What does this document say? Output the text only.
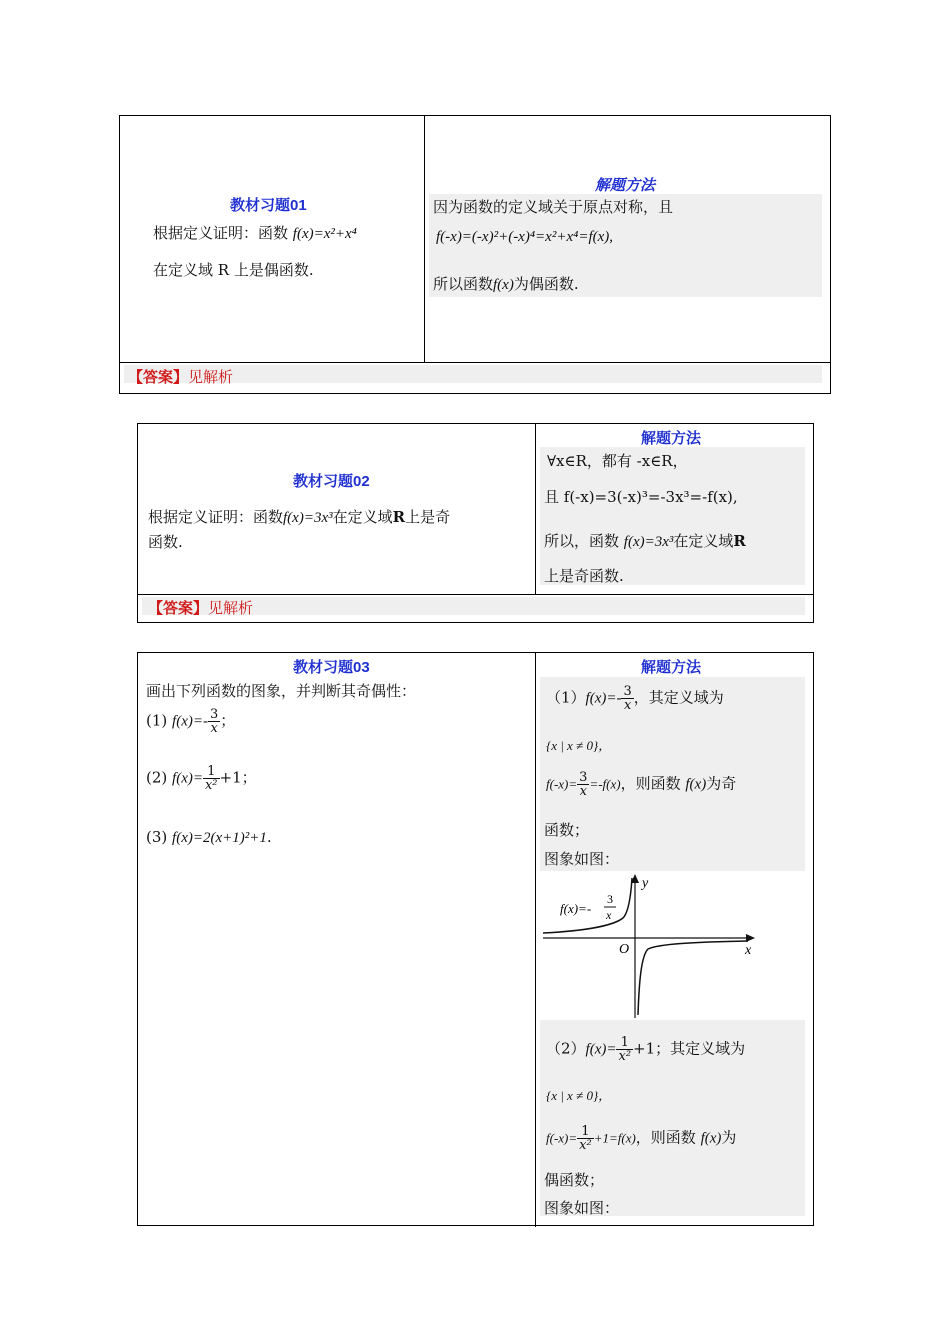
教材习题01
根据定义证明：函数 f(x)=x²+x⁴
在定义域 R 上是偶函数.
解题方法
因为函数的定义域关于原点对称，且
f(-x)=(-x)²+(-x)⁴=x²+x⁴=f(x),
所以函数f(x)为偶函数.
【答案】见解析
教材习题02
根据定义证明：函数f(x)=3x³在定义域R上是奇
函数.
解题方法
∀x∈R，都有 -x∈R，
且 f(-x)=3(-x)³=-3x³=-f(x),
所以，函数 f(x)=3x³在定义域R
上是奇函数.
【答案】见解析
教材习题03
画出下列函数的图象，并判断其奇偶性：
(1) $f(x)=- \frac{3}{x}$ ；
(2) $f(x)= \frac{1}{\text{x²}} +1$；
(3) f(x)=2(x+1)²+1.
解题方法
$(1)f(x)=- \frac{3}{x}$ ，其定义域为
{x | x ≠ 0}，
$f(-x)= \frac{3}{x} =-f(x)$，则函数 f(x)为奇
函数；
图象如图：
y
x
O
f(x)=-
3
x
$(2)f(x)= \frac{1}{\text{x²}} +1$；其定义域为
{x | x ≠ 0}，
$f(-x)= \frac{1}{\text{x²}} +1=f(x)$，则函数 f(x)为
偶函数；
图象如图：
